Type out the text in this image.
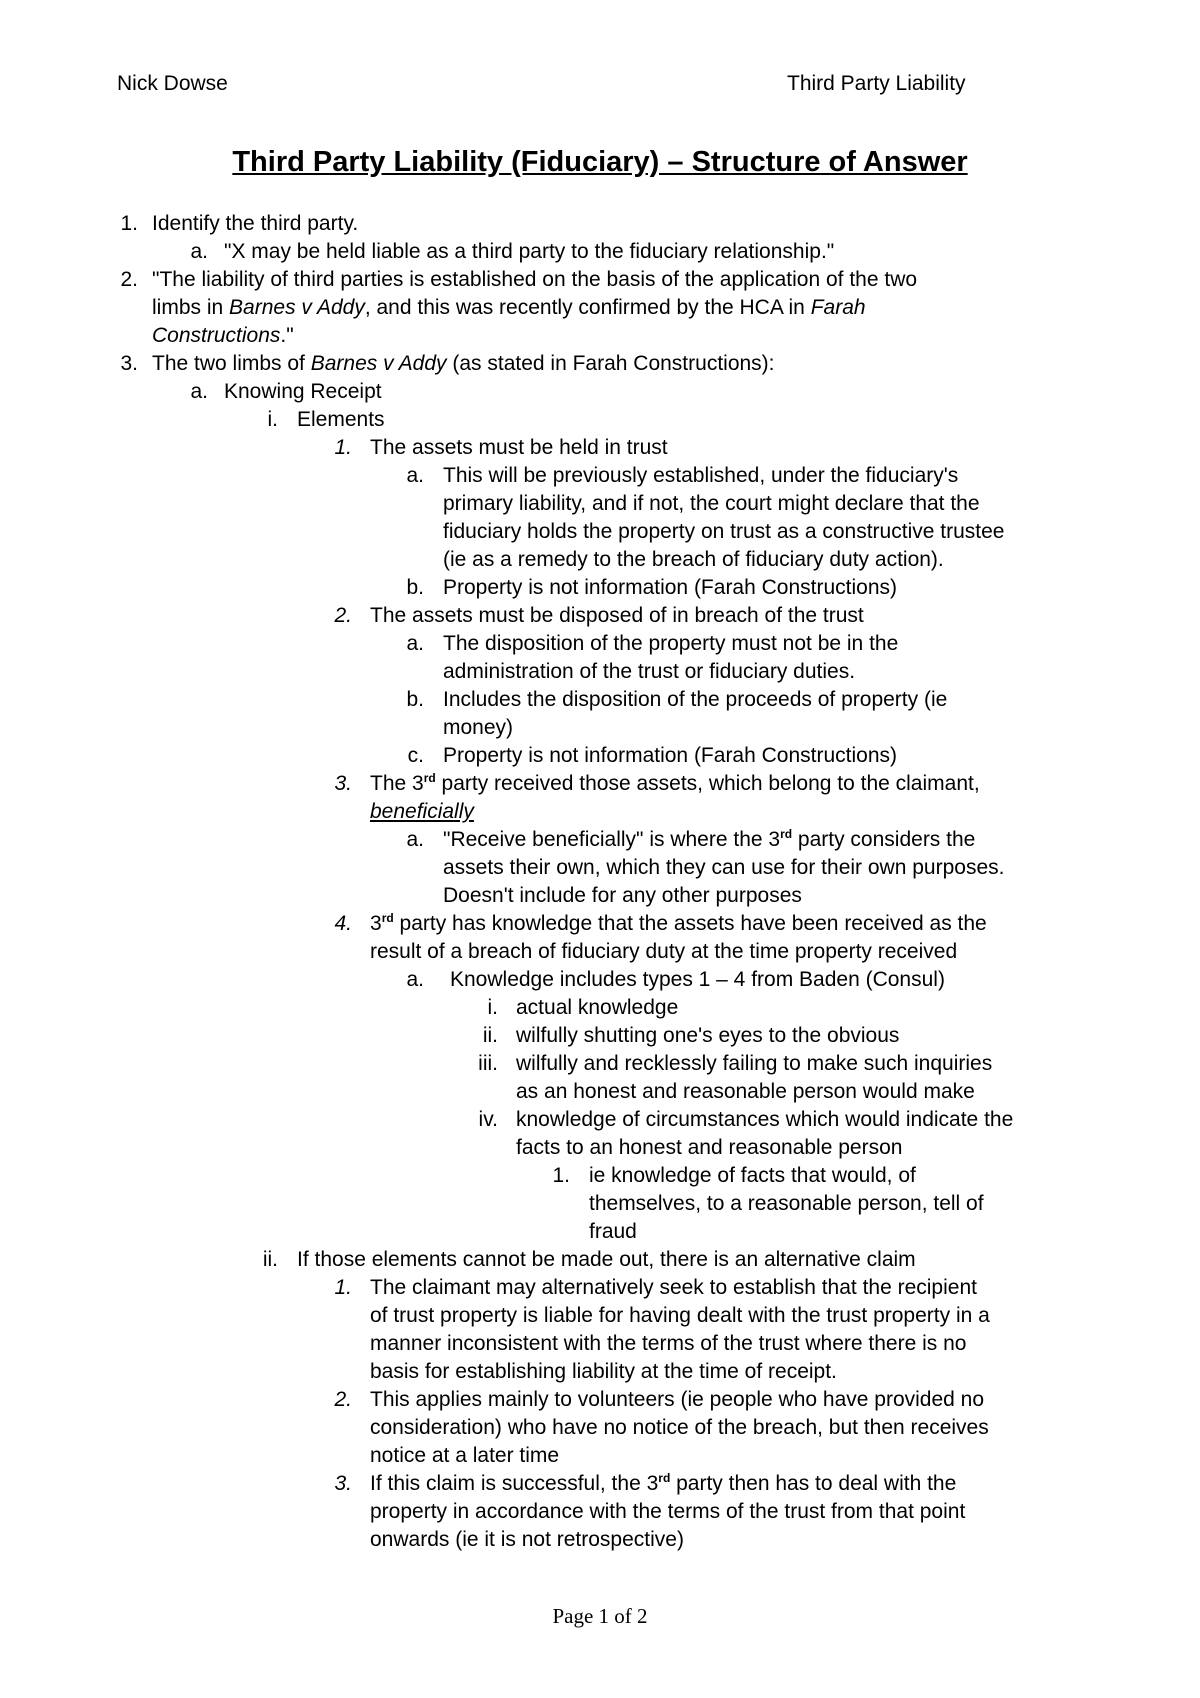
Nick Dowse	Third Party Liability
Third Party Liability (Fiduciary) – Structure of Answer
1. Identify the third party.
a. "X may be held liable as a third party to the fiduciary relationship."
2. "The liability of third parties is established on the basis of the application of the two
limbs in Barnes v Addy, and this was recently confirmed by the HCA in Farah
Constructions."
3. The two limbs of Barnes v Addy (as stated in Farah Constructions):
a. Knowing Receipt
i. Elements
1. The assets must be held in trust
a. This will be previously established, under the fiduciary's
primary liability, and if not, the court might declare that the
fiduciary holds the property on trust as a constructive trustee
(ie as a remedy to the breach of fiduciary duty action).
b. Property is not information (Farah Constructions)
2. The assets must be disposed of in breach of the trust
a. The disposition of the property must not be in the
administration of the trust or fiduciary duties.
b. Includes the disposition of the proceeds of property (ie
money)
c. Property is not information (Farah Constructions)
3. The 3rd party received those assets, which belong to the claimant,
beneficially
a. "Receive beneficially" is where the 3rd party considers the
assets their own, which they can use for their own purposes.
Doesn't include for any other purposes
4. 3rd party has knowledge that the assets have been received as the
result of a breach of fiduciary duty at the time property received
a. Knowledge includes types 1 – 4 from Baden (Consul)
i. actual knowledge
ii. wilfully shutting one's eyes to the obvious
iii. wilfully and recklessly failing to make such inquiries
as an honest and reasonable person would make
iv. knowledge of circumstances which would indicate the
facts to an honest and reasonable person
1. ie knowledge of facts that would, of
themselves, to a reasonable person, tell of
fraud
ii. If those elements cannot be made out, there is an alternative claim
1. The claimant may alternatively seek to establish that the recipient
of trust property is liable for having dealt with the trust property in a
manner inconsistent with the terms of the trust where there is no
basis for establishing liability at the time of receipt.
2. This applies mainly to volunteers (ie people who have provided no
consideration) who have no notice of the breach, but then receives
notice at a later time
3. If this claim is successful, the 3rd party then has to deal with the
property in accordance with the terms of the trust from that point
onwards (ie it is not retrospective)
Page 1 of 2
